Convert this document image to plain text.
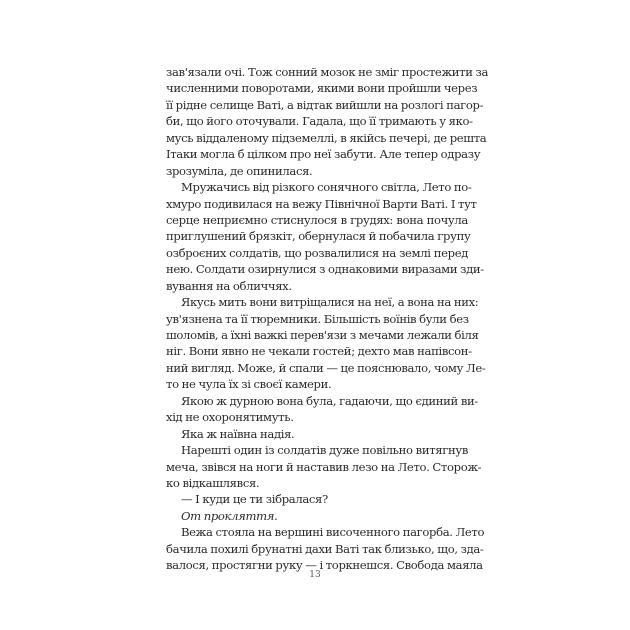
зав'язали очі. Тож сонний мозок не зміг простежити за
численними поворотами, якими вони пройшли через
її рідне селище Ваті, а відтак вийшли на розлогі пагор-
би, що його оточували. Гадала, що її тримають у яко-
мусь віддаленому підземеллі, в якійсь печері, де решта
Ітаки могла б цілком про неї забути. Але тепер одразу
зрозуміла, де опинилася.
Мружачись від різкого сонячного світла, Лето по-
хмуро подивилася на вежу Північної Варти Ваті. І тут
серце неприємно стиснулося в грудях: вона почула
приглушений брязкіт, обернулася й побачила групу
озброєних солдатів, що розвалилися на землі перед
нею. Солдати озирнулися з однаковими виразами зди-
вування на обличчях.
Якусь мить вони витріщалися на неї, а вона на них:
ув'язнена та її тюремники. Більшість воїнів були без
шоломів, а їхні важкі перев'язи з мечами лежали біля
ніг. Вони явно не чекали гостей; дехто мав напівсон-
ний вигляд. Може, й спали — це пояснювало, чому Ле-
то не чула їх зі своєї камери.
Якою ж дурною вона була, гадаючи, що єдиний ви-
хід не охоронятимуть.
Яка ж наївна надія.
Нарешті один із солдатів дуже повільно витягнув
меча, звівся на ноги й наставив лезо на Лето. Сторож-
ко відкашлявся.
— І куди це ти зібралася?
От прокляття.
Вежа стояла на вершині височенного пагорба. Лето
бачила похилі брунатні дахи Ваті так близько, що, зда-
валося, простягни руку — і торкнешся. Свобода маяла
13
